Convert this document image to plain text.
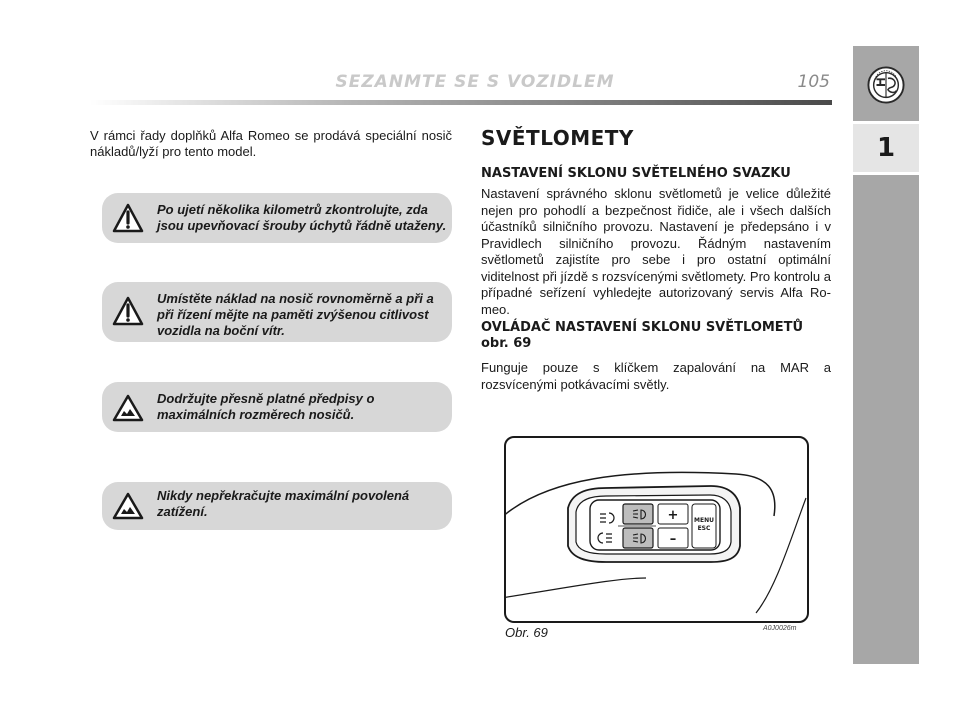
SEZANMTE SE S VOZIDLEM	105
1
V rámci řady doplňků Alfa Romeo se prodává speciální nosič nákladů/lyží pro tento model.
Po ujetí několika kilometrů zkontrolujte, zda jsou upevňovací šrouby úchytů řádně utaženy.
Umístěte náklad na nosič rovnoměrně a při a při řízení mějte na paměti zvýšenou citlivost vozidla na boční vítr.
Dodržujte přesně platné předpisy o maximálních rozměrech nosičů.
Nikdy nepřekračujte maximální povolená zatížení.
SVĚTLOMETY
NASTAVENÍ SKLONU SVĚTELNÉHO SVAZKU
Nastavení správného sklonu světlometů je velice důležité nejen pro pohodlí a bezpečnost řidiče, ale i všech dalších účastníků silničního provozu. Nastavení je předepsáno i v Pravidlech silničního provozu. Řádným nastavením světlometů zajistíte pro sebe i pro ostatní optimální viditelnost při jízdě s rozsvícenými světlomety. Pro kontrolu a případné seřízení vyhledejte autorizovaný servis Alfa Romeo.
OVLÁDAČ NASTAVENÍ SKLONU SVĚTLOMETŮ obr. 69
Funguje pouze s klíčkem zapalování na MAR a rozsvícenými potkávacími světly.
+
–
MENU
ESC
Obr. 69	A0J0026m
